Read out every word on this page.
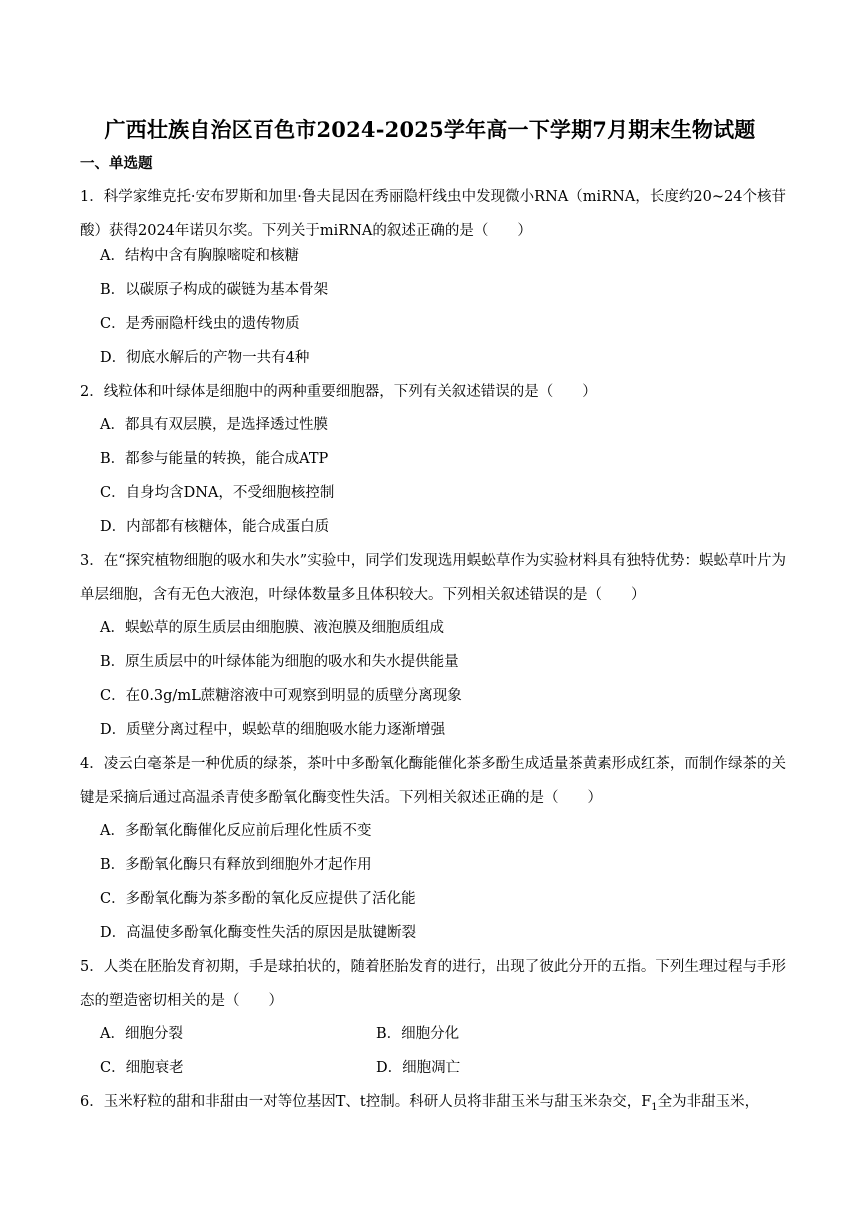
广西壮族自治区百色市2024-2025学年高一下学期7月期末生物试题
一、单选题
1．科学家维克托·安布罗斯和加里·鲁夫昆因在秀丽隐杆线虫中发现微小RNA（miRNA，长度约20~24个核苷酸）获得2024年诺贝尔奖。下列关于miRNA的叙述正确的是（　　）
A．结构中含有胸腺嘧啶和核糖
B．以碳原子构成的碳链为基本骨架
C．是秀丽隐杆线虫的遗传物质
D．彻底水解后的产物一共有4种
2．线粒体和叶绿体是细胞中的两种重要细胞器，下列有关叙述错误的是（　　）
A．都具有双层膜，是选择透过性膜
B．都参与能量的转换，能合成ATP
C．自身均含DNA，不受细胞核控制
D．内部都有核糖体，能合成蛋白质
3．在“探究植物细胞的吸水和失水”实验中，同学们发现选用蜈蚣草作为实验材料具有独特优势：蜈蚣草叶片为单层细胞，含有无色大液泡，叶绿体数量多且体积较大。下列相关叙述错误的是（　　）
A．蜈蚣草的原生质层由细胞膜、液泡膜及细胞质组成
B．原生质层中的叶绿体能为细胞的吸水和失水提供能量
C．在0.3g/mL蔗糖溶液中可观察到明显的质壁分离现象
D．质壁分离过程中，蜈蚣草的细胞吸水能力逐渐增强
4．凌云白毫茶是一种优质的绿茶，茶叶中多酚氧化酶能催化茶多酚生成适量茶黄素形成红茶，而制作绿茶的关键是采摘后通过高温杀青使多酚氧化酶变性失活。下列相关叙述正确的是（　　）
A．多酚氧化酶催化反应前后理化性质不变
B．多酚氧化酶只有释放到细胞外才起作用
C．多酚氧化酶为茶多酚的氧化反应提供了活化能
D．高温使多酚氧化酶变性失活的原因是肽键断裂
5．人类在胚胎发育初期，手是球拍状的，随着胚胎发育的进行，出现了彼此分开的五指。下列生理过程与手形态的塑造密切相关的是（　　）
A．细胞分裂	B．细胞分化
C．细胞衰老	D．细胞凋亡
6．玉米籽粒的甜和非甜由一对等位基因T、t控制。科研人员将非甜玉米与甜玉米杂交，$F_1$全为非甜玉米，
